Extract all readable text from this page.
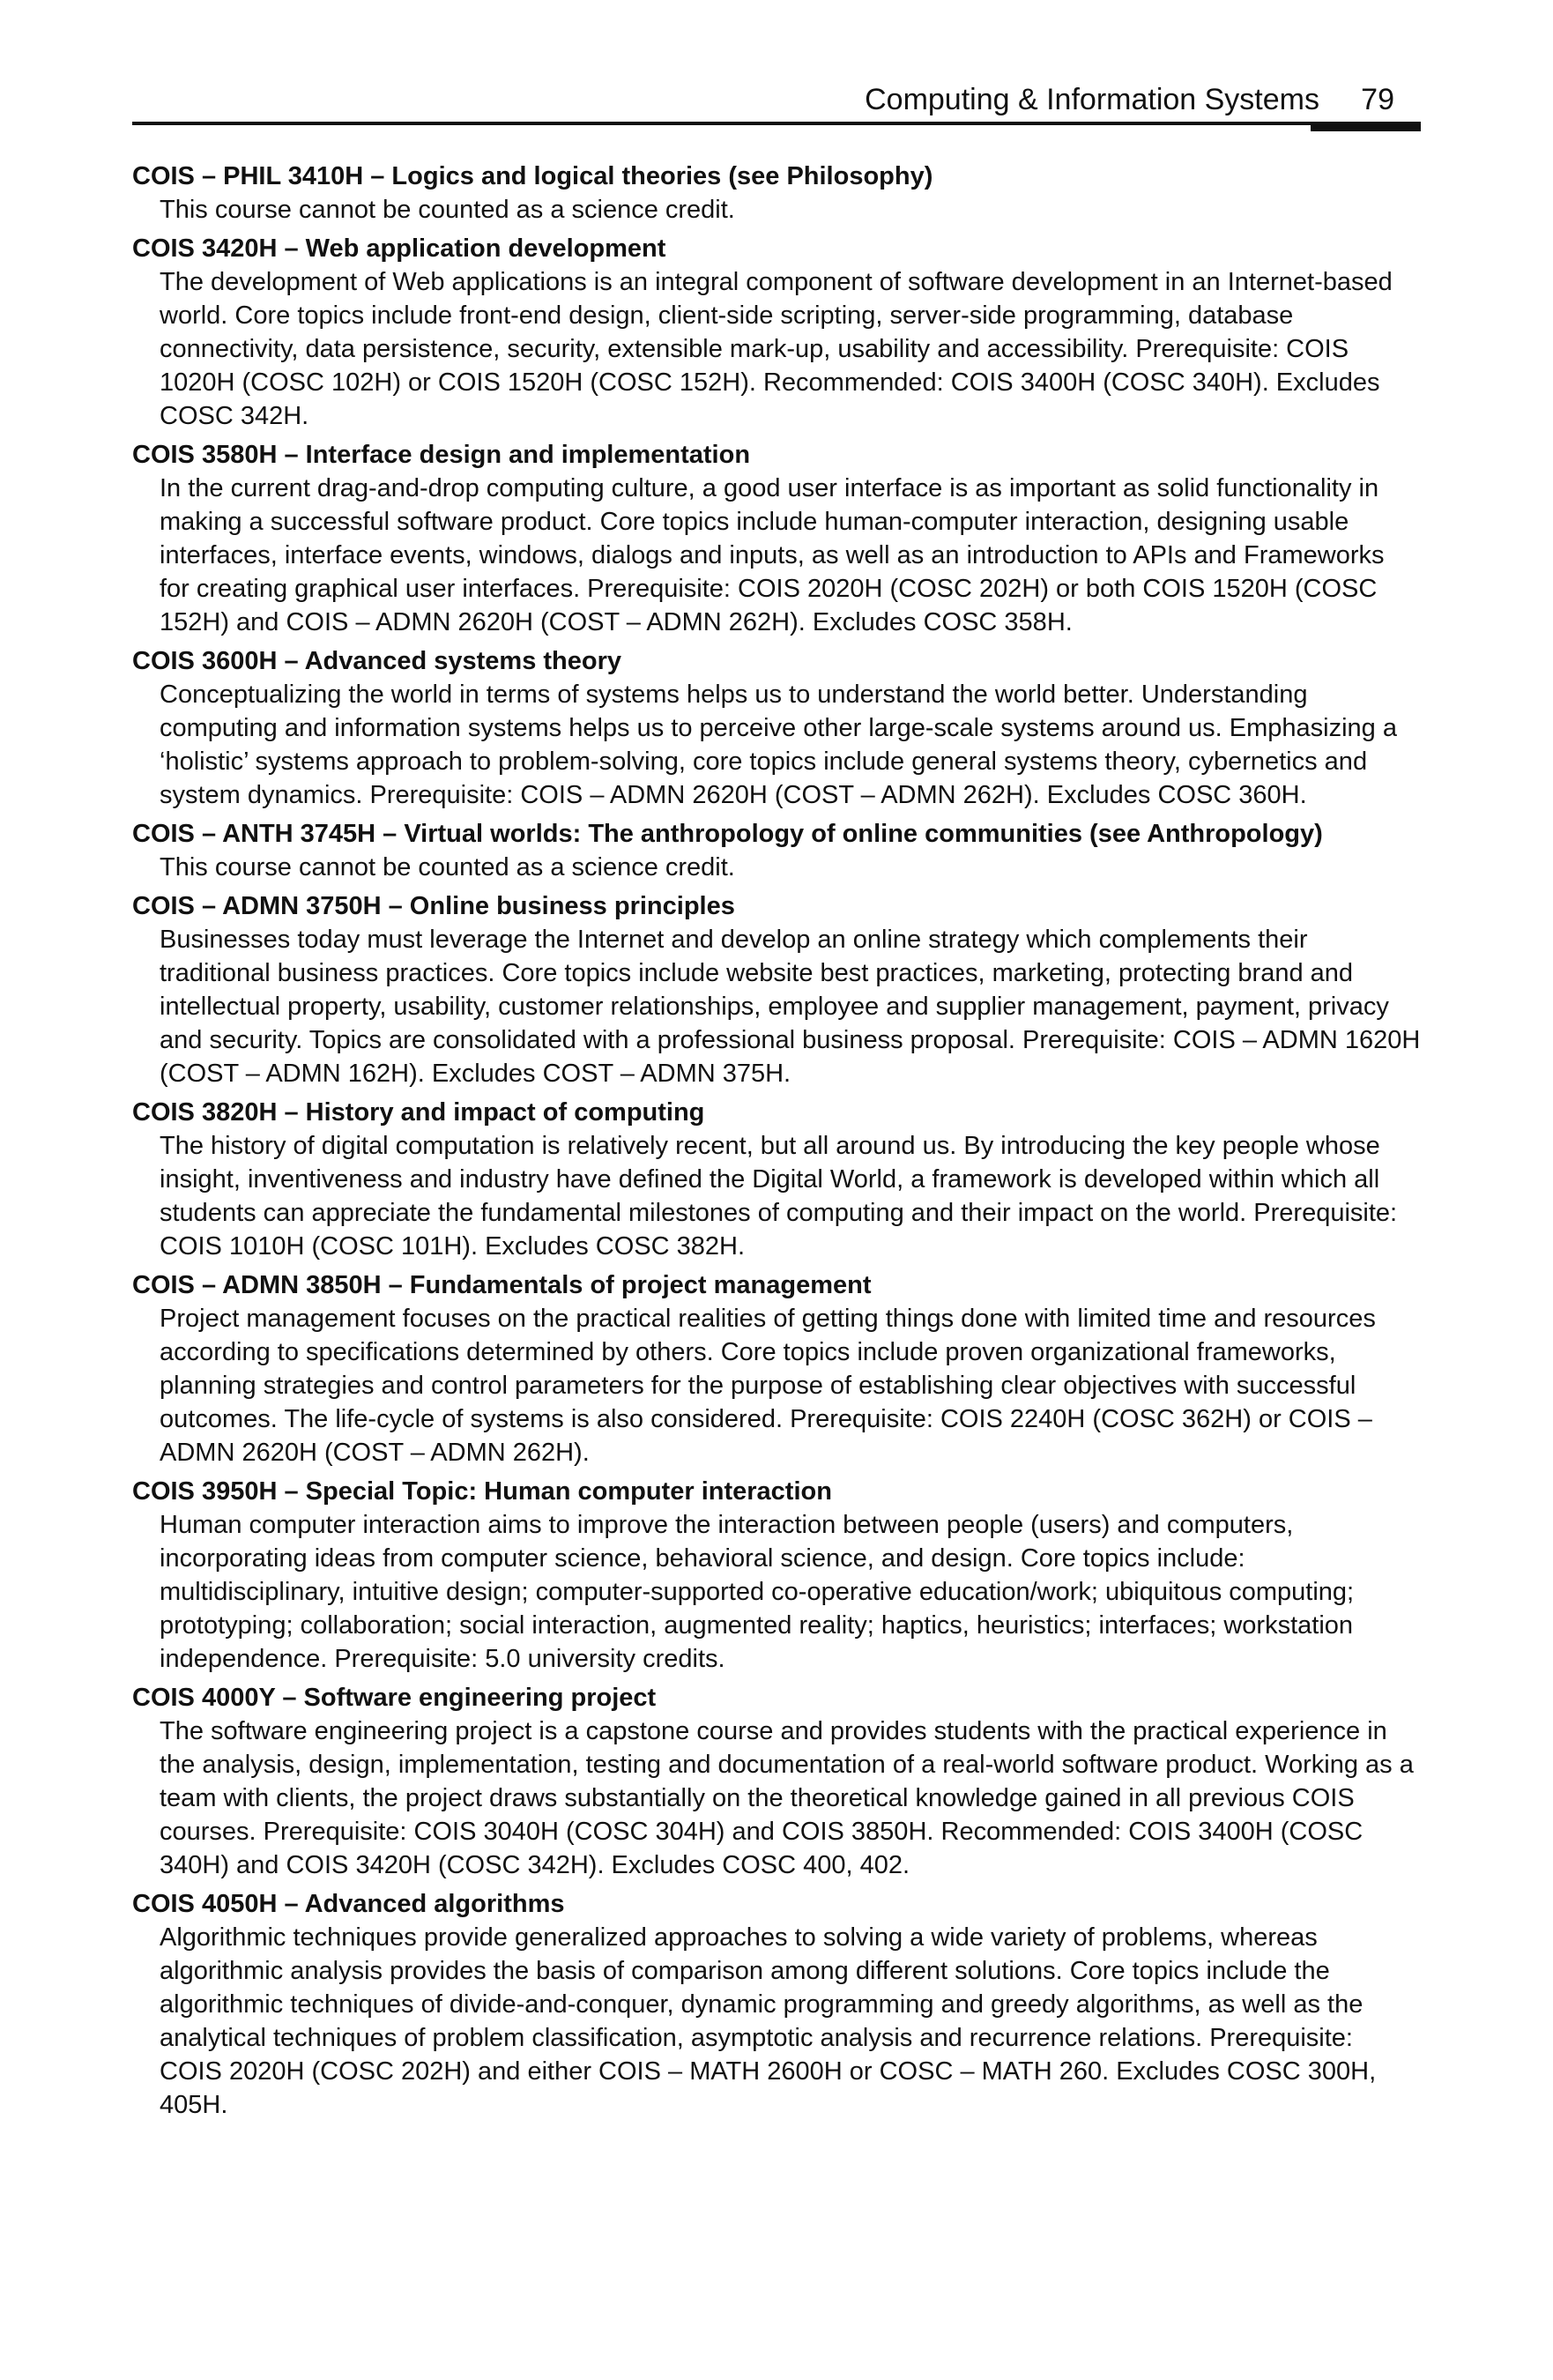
Computing & Information Systems 79
COIS – PHIL 3410H – Logics and logical theories (see Philosophy)
This course cannot be counted as a science credit.
COIS 3420H – Web application development
The development of Web applications is an integral component of software development in an Internet-based world. Core topics include front-end design, client-side scripting, server-side programming, database connectivity, data persistence, security, extensible mark-up, usability and accessibility. Prerequisite: COIS 1020H (COSC 102H) or COIS 1520H (COSC 152H). Recommended: COIS 3400H (COSC 340H). Excludes COSC 342H.
COIS 3580H – Interface design and implementation
In the current drag-and-drop computing culture, a good user interface is as important as solid functionality in making a successful software product. Core topics include human-computer interaction, designing usable interfaces, interface events, windows, dialogs and inputs, as well as an introduction to APIs and Frameworks for creating graphical user interfaces. Prerequisite: COIS 2020H (COSC 202H) or both COIS 1520H (COSC 152H) and COIS – ADMN 2620H (COST – ADMN 262H). Excludes COSC 358H.
COIS 3600H – Advanced systems theory
Conceptualizing the world in terms of systems helps us to understand the world better. Understanding computing and information systems helps us to perceive other large-scale systems around us. Emphasizing a ‘holistic’ systems approach to problem-solving, core topics include general systems theory, cybernetics and system dynamics. Prerequisite: COIS – ADMN 2620H (COST – ADMN 262H). Excludes COSC 360H.
COIS – ANTH 3745H – Virtual worlds: The anthropology of online communities (see Anthropology)
This course cannot be counted as a science credit.
COIS – ADMN 3750H – Online business principles
Businesses today must leverage the Internet and develop an online strategy which complements their traditional business practices. Core topics include website best practices, marketing, protecting brand and intellectual property, usability, customer relationships, employee and supplier management, payment, privacy and security. Topics are consolidated with a professional business proposal. Prerequisite: COIS – ADMN 1620H (COST – ADMN 162H). Excludes COST – ADMN 375H.
COIS 3820H – History and impact of computing
The history of digital computation is relatively recent, but all around us. By introducing the key people whose insight, inventiveness and industry have defined the Digital World, a framework is developed within which all students can appreciate the fundamental milestones of computing and their impact on the world. Prerequisite: COIS 1010H (COSC 101H). Excludes COSC 382H.
COIS – ADMN 3850H – Fundamentals of project management
Project management focuses on the practical realities of getting things done with limited time and resources according to specifications determined by others. Core topics include proven organizational frameworks, planning strategies and control parameters for the purpose of establishing clear objectives with successful outcomes. The life-cycle of systems is also considered. Prerequisite: COIS 2240H (COSC 362H) or COIS – ADMN 2620H (COST – ADMN 262H).
COIS 3950H – Special Topic: Human computer interaction
Human computer interaction aims to improve the interaction between people (users) and computers, incorporating ideas from computer science, behavioral science, and design. Core topics include: multidisciplinary, intuitive design; computer-supported co-operative education/work; ubiquitous computing; prototyping; collaboration; social interaction, augmented reality; haptics, heuristics; interfaces; workstation independence. Prerequisite: 5.0 university credits.
COIS 4000Y – Software engineering project
The software engineering project is a capstone course and provides students with the practical experience in the analysis, design, implementation, testing and documentation of a real-world software product. Working as a team with clients, the project draws substantially on the theoretical knowledge gained in all previous COIS courses. Prerequisite: COIS 3040H (COSC 304H) and COIS 3850H. Recommended: COIS 3400H (COSC 340H) and COIS 3420H (COSC 342H). Excludes COSC 400, 402.
COIS 4050H – Advanced algorithms
Algorithmic techniques provide generalized approaches to solving a wide variety of problems, whereas algorithmic analysis provides the basis of comparison among different solutions. Core topics include the algorithmic techniques of divide-and-conquer, dynamic programming and greedy algorithms, as well as the analytical techniques of problem classification, asymptotic analysis and recurrence relations. Prerequisite: COIS 2020H (COSC 202H) and either COIS – MATH 2600H or COSC – MATH 260. Excludes COSC 300H, 405H.
